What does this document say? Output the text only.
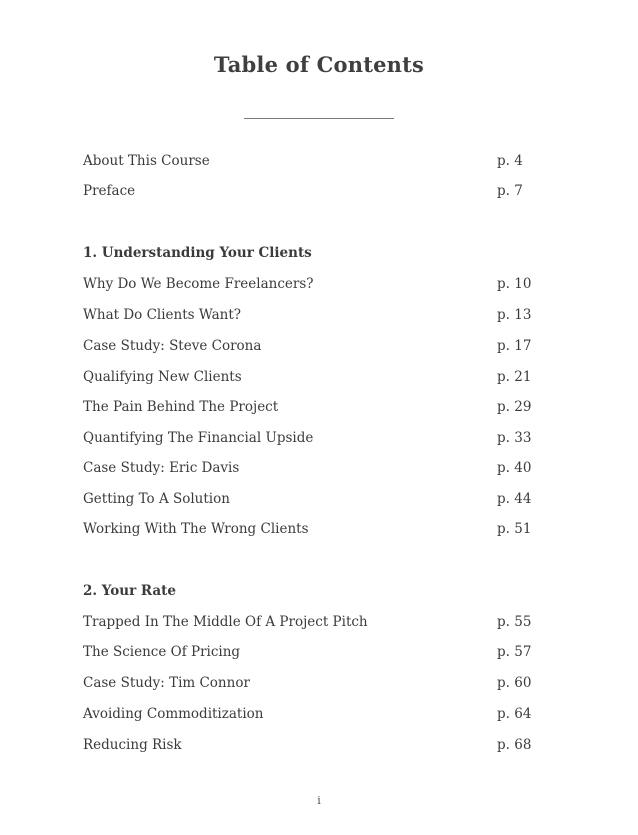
Table of Contents
About This Course	p. 4
Preface	p. 7
1. Understanding Your Clients
Why Do We Become Freelancers?	p. 10
What Do Clients Want?	p. 13
Case Study: Steve Corona	p. 17
Qualifying New Clients	p. 21
The Pain Behind The Project	p. 29
Quantifying The Financial Upside	p. 33
Case Study: Eric Davis	p. 40
Getting To A Solution	p. 44
Working With The Wrong Clients	p. 51
2. Your Rate
Trapped In The Middle Of A Project Pitch	p. 55
The Science Of Pricing	p. 57
Case Study: Tim Connor	p. 60
Avoiding Commoditization	p. 64
Reducing Risk	p. 68
i
